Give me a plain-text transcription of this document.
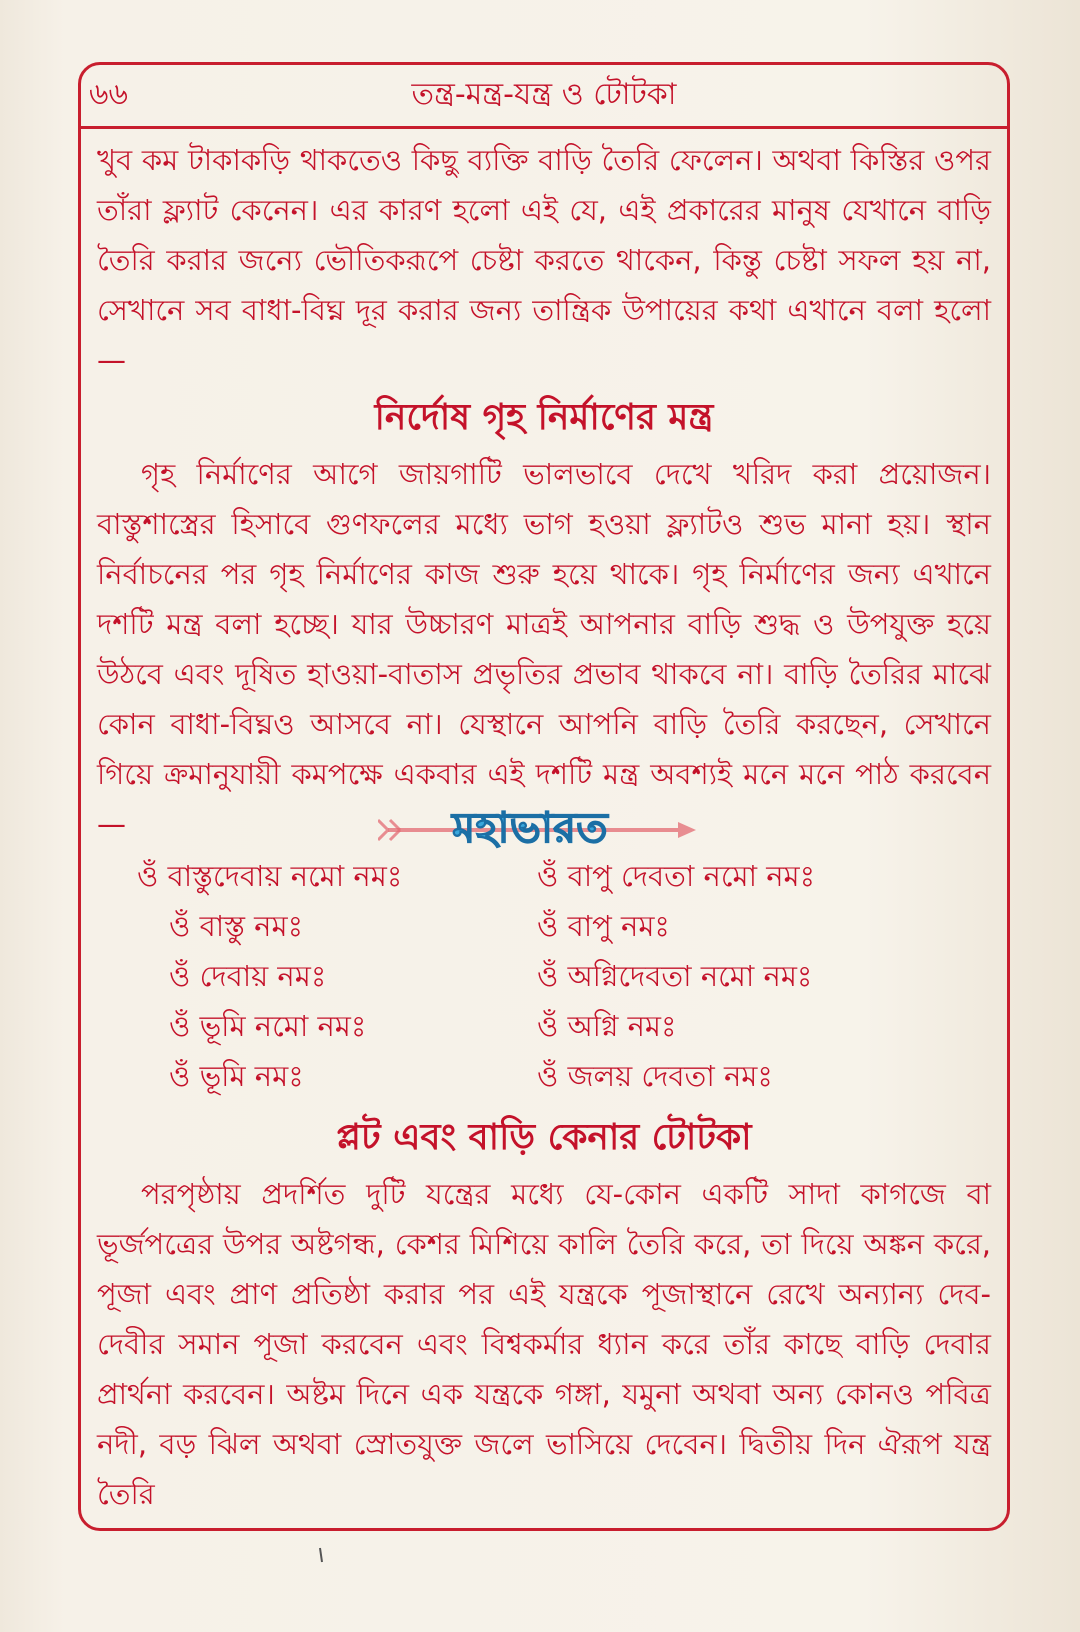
৬৬	তন্ত্র-মন্ত্র-যন্ত্র ও টোটকা

খুব কম টাকাকড়ি থাকতেও কিছু ব্যক্তি বাড়ি তৈরি ফেলেন। অথবা কিস্তির ওপর তাঁরা ফ্ল্যাট কেনেন। এর কারণ হলো এই যে, এই প্রকারের মানুষ যেখানে বাড়ি তৈরি করার জন্যে ভৌতিকরূপে চেষ্টা করতে থাকেন, কিন্তু চেষ্টা সফল হয় না, সেখানে সব বাধা-বিঘ্ন দূর করার জন্য তান্ত্রিক উপায়ের কথা এখানে বলা হলো—

নির্দোষ গৃহ নির্মাণের মন্ত্র

গৃহ নির্মাণের আগে জায়গাটি ভালভাবে দেখে খরিদ করা প্রয়োজন। বাস্তুশাস্ত্রের হিসাবে গুণফলের মধ্যে ভাগ হওয়া ফ্ল্যাটও শুভ মানা হয়। স্থান নির্বাচনের পর গৃহ নির্মাণের কাজ শুরু হয়ে থাকে। গৃহ নির্মাণের জন্য এখানে দশটি মন্ত্র বলা হচ্ছে। যার উচ্চারণ মাত্রই আপনার বাড়ি শুদ্ধ ও উপযুক্ত হয়ে উঠবে এবং দূষিত হাওয়া-বাতাস প্রভৃতির প্রভাব থাকবে না। বাড়ি তৈরির মাঝে কোন বাধা-বিঘ্নও আসবে না। যেস্থানে আপনি বাড়ি তৈরি করছেন, সেখানে গিয়ে ক্রমানুযায়ী কমপক্ষে একবার এই দশটি মন্ত্র অবশ্যই মনে মনে পাঠ করবেন—

ওঁ বাস্তুদেবায় নমো নমঃ	ওঁ বাপু দেবতা নমো নমঃ
ওঁ বাস্তু নমঃ	ওঁ বাপু নমঃ
ওঁ দেবায় নমঃ	ওঁ অগ্নিদেবতা নমো নমঃ
ওঁ ভূমি নমো নমঃ	ওঁ অগ্নি নমঃ
ওঁ ভূমি নমঃ	ওঁ জলয় দেবতা নমঃ
প্লট এবং বাড়ি কেনার টোটকা

পরপৃষ্ঠায় প্রদর্শিত দুটি যন্ত্রের মধ্যে যে-কোন একটি সাদা কাগজে বা ভূর্জপত্রের উপর অষ্টগন্ধ, কেশর মিশিয়ে কালি তৈরি করে, তা দিয়ে অঙ্কন করে, পূজা এবং প্রাণ প্রতিষ্ঠা করার পর এই যন্ত্রকে পূজাস্থানে রেখে অন্যান্য দেব-দেবীর সমান পূজা করবেন এবং বিশ্বকর্মার ধ্যান করে তাঁর কাছে বাড়ি দেবার প্রার্থনা করবেন। অষ্টম দিনে এক যন্ত্রকে গঙ্গা, যমুনা অথবা অন্য কোনও পবিত্র নদী, বড় ঝিল অথবা স্রোতযুক্ত জলে ভাসিয়ে দেবেন। দ্বিতীয় দিন ঐরূপ যন্ত্র তৈরি

মহাভারত
